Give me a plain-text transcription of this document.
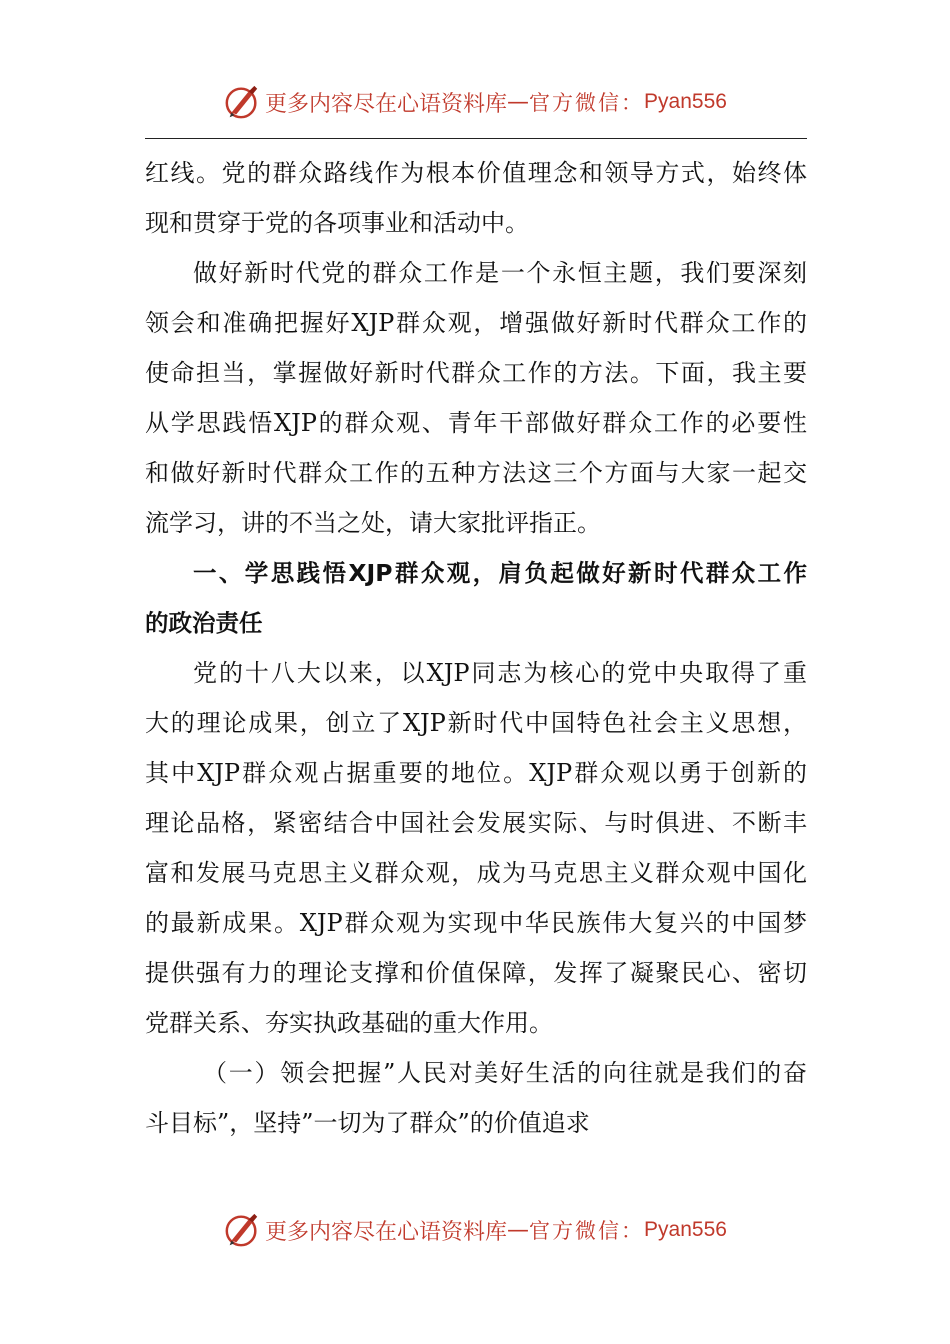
更多内容尽在心语资料库 — 官方微信： Pyan556
红线。党的群众路线作为根本价值理念和领导方式，始终体
现和贯穿于党的各项事业和活动中。
做好新时代党的群众工作是一个永恒主题，我们要深刻
领会和准确把握好XJP群众观，增强做好新时代群众工作的
使命担当，掌握做好新时代群众工作的方法。下面，我主要
从学思践悟XJP的群众观、青年干部做好群众工作的必要性
和做好新时代群众工作的五种方法这三个方面与大家一起交
流学习，讲的不当之处，请大家批评指正。
一、学思践悟XJP群众观，肩负起做好新时代群众工作
的政治责任
党的十八大以来，以XJP同志为核心的党中央取得了重
大的理论成果，创立了XJP新时代中国特色社会主义思想，
其中XJP群众观占据重要的地位。XJP群众观以勇于创新的
理论品格，紧密结合中国社会发展实际、与时俱进、不断丰
富和发展马克思主义群众观，成为马克思主义群众观中国化
的最新成果。XJP群众观为实现中华民族伟大复兴的中国梦
提供强有力的理论支撑和价值保障，发挥了凝聚民心、密切
党群关系、夯实执政基础的重大作用。
（一）领会把握”人民对美好生活的向往就是我们的奋
斗目标”，坚持”一切为了群众”的价值追求
更多内容尽在心语资料库 — 官方微信： Pyan556
